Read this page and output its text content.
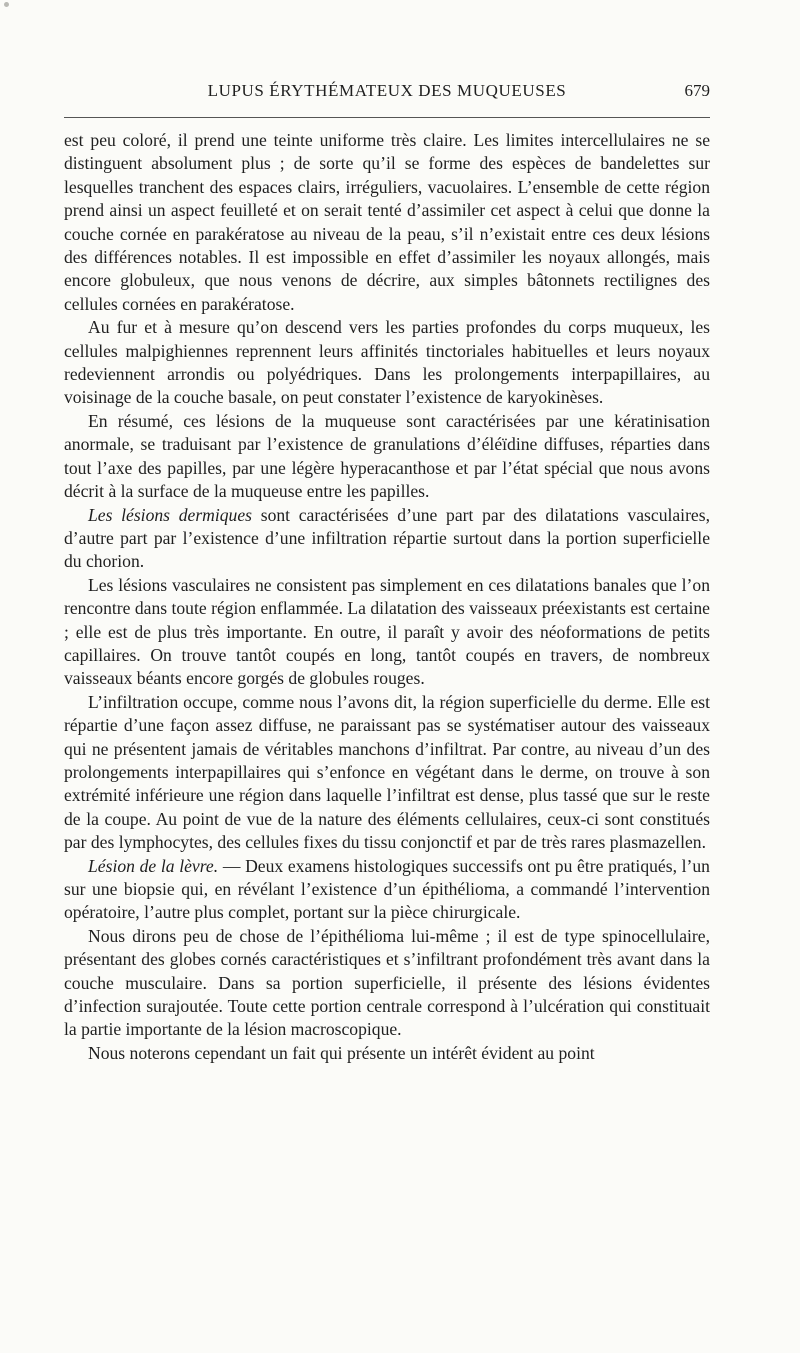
LUPUS ÉRYTHÉMATEUX DES MUQUEUSES	679

est peu coloré, il prend une teinte uniforme très claire. Les limites intercellulaires ne se distinguent absolument plus ; de sorte qu’il se forme des espèces de bandelettes sur lesquelles tranchent des espaces clairs, irréguliers, vacuolaires. L’ensemble de cette région prend ainsi un aspect feuilleté et on serait tenté d’assimiler cet aspect à celui que donne la couche cornée en parakératose au niveau de la peau, s’il n’existait entre ces deux lésions des différences notables. Il est impossible en effet d’assimiler les noyaux allongés, mais encore globuleux, que nous venons de décrire, aux simples bâtonnets rectilignes des cellules cornées en parakératose.

Au fur et à mesure qu’on descend vers les parties profondes du corps muqueux, les cellules malpighiennes reprennent leurs affinités tinctoriales habituelles et leurs noyaux redeviennent arrondis ou polyédriques. Dans les prolongements interpapillaires, au voisinage de la couche basale, on peut constater l’existence de karyokinèses.

En résumé, ces lésions de la muqueuse sont caractérisées par une kératinisation anormale, se traduisant par l’existence de granulations d’éléïdine diffuses, réparties dans tout l’axe des papilles, par une légère hyperacanthose et par l’état spécial que nous avons décrit à la surface de la muqueuse entre les papilles.

Les lésions dermiques sont caractérisées d’une part par des dilatations vasculaires, d’autre part par l’existence d’une infiltration répartie surtout dans la portion superficielle du chorion.

Les lésions vasculaires ne consistent pas simplement en ces dilatations banales que l’on rencontre dans toute région enflammée. La dilatation des vaisseaux préexistants est certaine ; elle est de plus très importante. En outre, il paraît y avoir des néoformations de petits capillaires. On trouve tantôt coupés en long, tantôt coupés en travers, de nombreux vaisseaux béants encore gorgés de globules rouges.

L’infiltration occupe, comme nous l’avons dit, la région superficielle du derme. Elle est répartie d’une façon assez diffuse, ne paraissant pas se systématiser autour des vaisseaux qui ne présentent jamais de véritables manchons d’infiltrat. Par contre, au niveau d’un des prolongements interpapillaires qui s’enfonce en végétant dans le derme, on trouve à son extrémité inférieure une région dans laquelle l’infiltrat est dense, plus tassé que sur le reste de la coupe. Au point de vue de la nature des éléments cellulaires, ceux-ci sont constitués par des lymphocytes, des cellules fixes du tissu conjonctif et par de très rares plasmazellen.

Lésion de la lèvre. — Deux examens histologiques successifs ont pu être pratiqués, l’un sur une biopsie qui, en révélant l’existence d’un épithélioma, a commandé l’intervention opératoire, l’autre plus complet, portant sur la pièce chirurgicale.

Nous dirons peu de chose de l’épithélioma lui-même ; il est de type spinocellulaire, présentant des globes cornés caractéristiques et s’infiltrant profondément très avant dans la couche musculaire. Dans sa portion superficielle, il présente des lésions évidentes d’infection surajoutée. Toute cette portion centrale correspond à l’ulcération qui constituait la partie importante de la lésion macroscopique.

Nous noterons cependant un fait qui présente un intérêt évident au point
